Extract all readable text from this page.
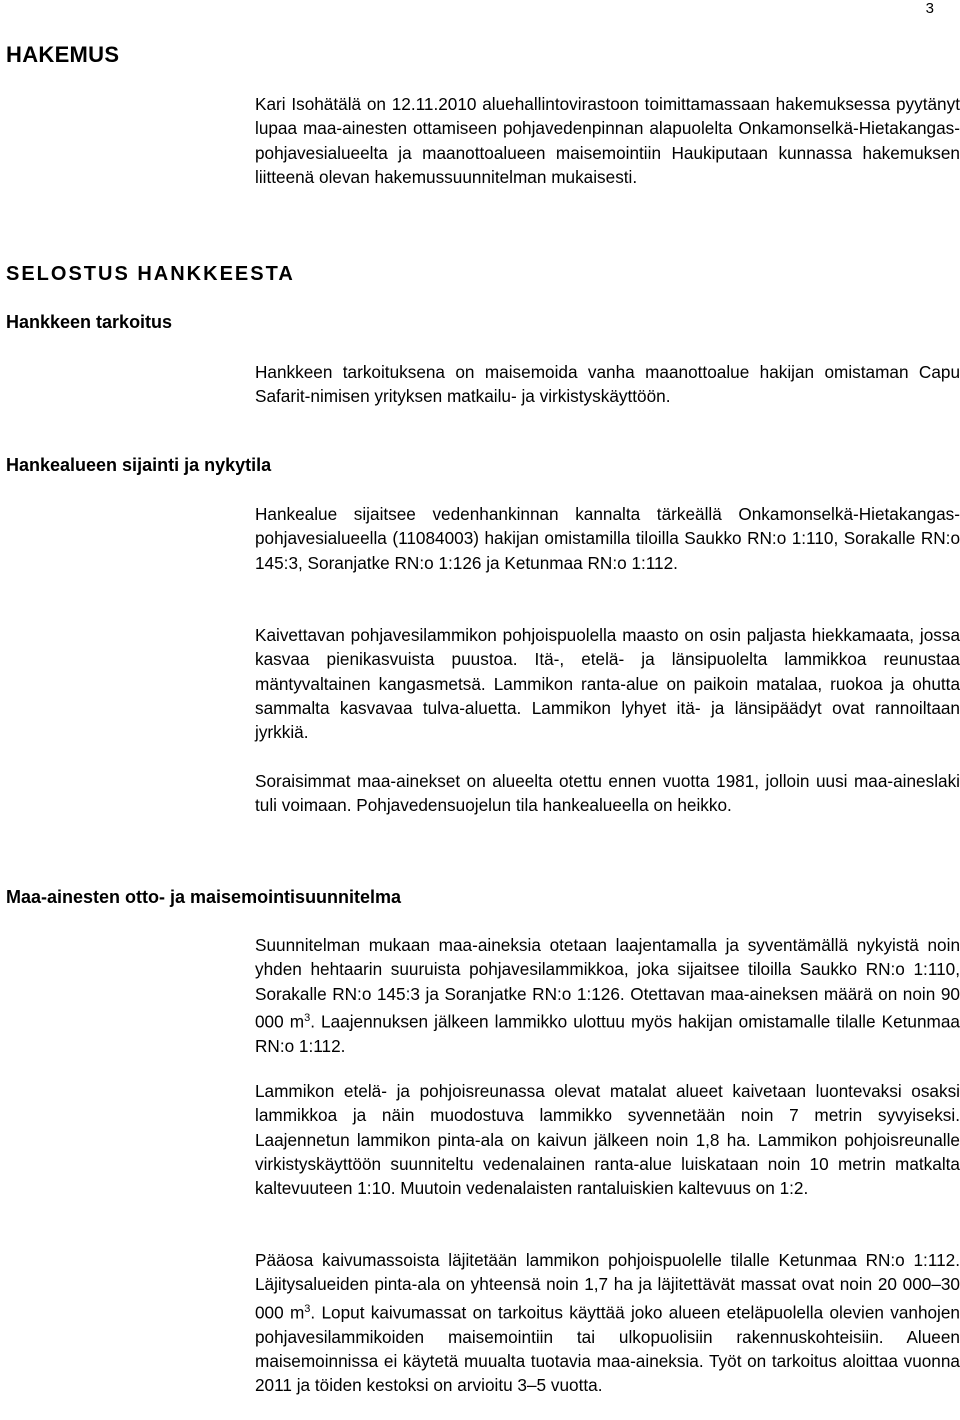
3
HAKEMUS

Kari Isohätälä on 12.11.2010 aluehallintovirastoon toimittamassaan hakemuksessa pyytänyt lupaa maa-ainesten ottamiseen pohjavedenpinnan alapuolelta Onkamonselkä-Hietakangas-pohjavesialueelta ja maanottoalueen maisemointiin Haukiputaan kunnassa hakemuksen liitteenä olevan hakemussuunnitelman mukaisesti.

SELOSTUS HANKKEESTA
Hankkeen tarkoitus

Hankkeen tarkoituksena on maisemoida vanha maanottoalue hakijan omistaman Capu Safarit-nimisen yrityksen matkailu- ja virkistyskäyttöön.

Hankealueen sijainti ja nykytila

Hankealue sijaitsee vedenhankinnan kannalta tärkeällä Onkamonselkä-Hietakangas-pohjavesialueella (11084003) hakijan omistamilla tiloilla Saukko RN:o 1:110, Sorakalle RN:o 145:3, Soranjatke RN:o 1:126 ja Ketunmaa RN:o 1:112.

Kaivettavan pohjavesilammikon pohjoispuolella maasto on osin paljasta hiekkamaata, jossa kasvaa pienikasvuista puustoa. Itä-, etelä- ja länsipuolelta lammikkoa reunustaa mäntyvaltainen kangasmetsä. Lammikon ranta-alue on paikoin matalaa, ruokoa ja ohutta sammalta kasvavaa tulva-aluetta. Lammikon lyhyet itä- ja länsipäädyt ovat rannoiltaan jyrkkiä.

Soraisimmat maa-ainekset on alueelta otettu ennen vuotta 1981, jolloin uusi maa-aineslaki tuli voimaan. Pohjavedensuojelun tila hankealueella on heikko.

Maa-ainesten otto- ja maisemointisuunnitelma

Suunnitelman mukaan maa-aineksia otetaan laajentamalla ja syventämällä nykyistä noin yhden hehtaarin suuruista pohjavesilammikkoa, joka sijaitsee tiloilla Saukko RN:o 1:110, Sorakalle RN:o 145:3 ja Soranjatke RN:o 1:126. Otettavan maa-aineksen määrä on noin 90 000 $m^3$. Laajennuksen jälkeen lammikko ulottuu myös hakijan omistamalle tilalle Ketunmaa RN:o 1:112.

Lammikon etelä- ja pohjoisreunassa olevat matalat alueet kaivetaan luontevaksi osaksi lammikkoa ja näin muodostuva lammikko syvennetään noin 7 metrin syvyiseksi. Laajennetun lammikon pinta-ala on kaivun jälkeen noin 1,8 ha. Lammikon pohjoisreunalle virkistyskäyttöön suunniteltu vedenalainen ranta-alue luiskataan noin 10 metrin matkalta kaltevuuteen 1:10. Muutoin vedenalaisten rantaluiskien kaltevuus on 1:2.

Pääosa kaivumassoista läjitetään lammikon pohjoispuolelle tilalle Ketunmaa RN:o 1:112. Läjitysalueiden pinta-ala on yhteensä noin 1,7 ha ja läjitettävät massat ovat noin 20 000–30 000 $m^3$. Loput kaivumassat on tarkoitus käyttää joko alueen eteläpuolella olevien vanhojen pohjavesilammikoiden maisemointiin tai ulkopuolisiin rakennuskohteisiin. Alueen maisemoinnissa ei käytetä muualta tuotavia maa-aineksia. Työt on tarkoitus aloittaa vuonna 2011 ja töiden kestoksi on arvioitu 3–5 vuotta.
